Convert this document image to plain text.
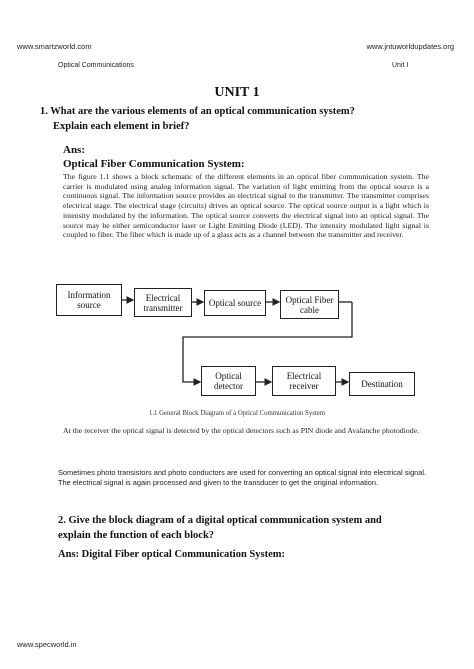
www.smartzworld.com	www.jntuworldupdates.org
Optical Communications	Unit I
UNIT 1
1. What are the various elements of an optical communication system?
Explain each element in brief?
Ans:
Optical Fiber Communication System:
The figure 1.1 shows a block schematic of the different elements in an optical fiber communication system. The carrier is modulated using analog information signal. The variation of light emitting from the optical source is a continuous signal. The information source provides an electrical signal to the transmitter. The transmitter comprises electrical stage. The electrical stage (circuits) drives an optical source. The optical source output is a light which is intensity modulated by the information. The optical source converts the electrical signal into an optical signal. The source may be either semiconductor laser or Light Emitting Diode (LED). The intensity modulated light signal is coupled to fiber. The fiber which is made up of a glass acts as a channel between the transmitter and receiver.
Information source
Electrical transmitter	Optical source	Optical Fiber cable
Optical detector
Electrical receiver	Destination
1.1 General Block Diagram of a Optical Communication System
At the receiver the optical signal is detected by the optical detectors such as PIN diode and Avalanche photodiode.
Sometimes photo transistors and photo conductors are used for converting an optical signal into electrical signal. The electrical signal is again processed and given to the transducer to get the original information.
2. Give the block diagram of a digital optical communication system and
explain the function of each block?
Ans: Digital Fiber optical Communication System:
www.specworld.in
